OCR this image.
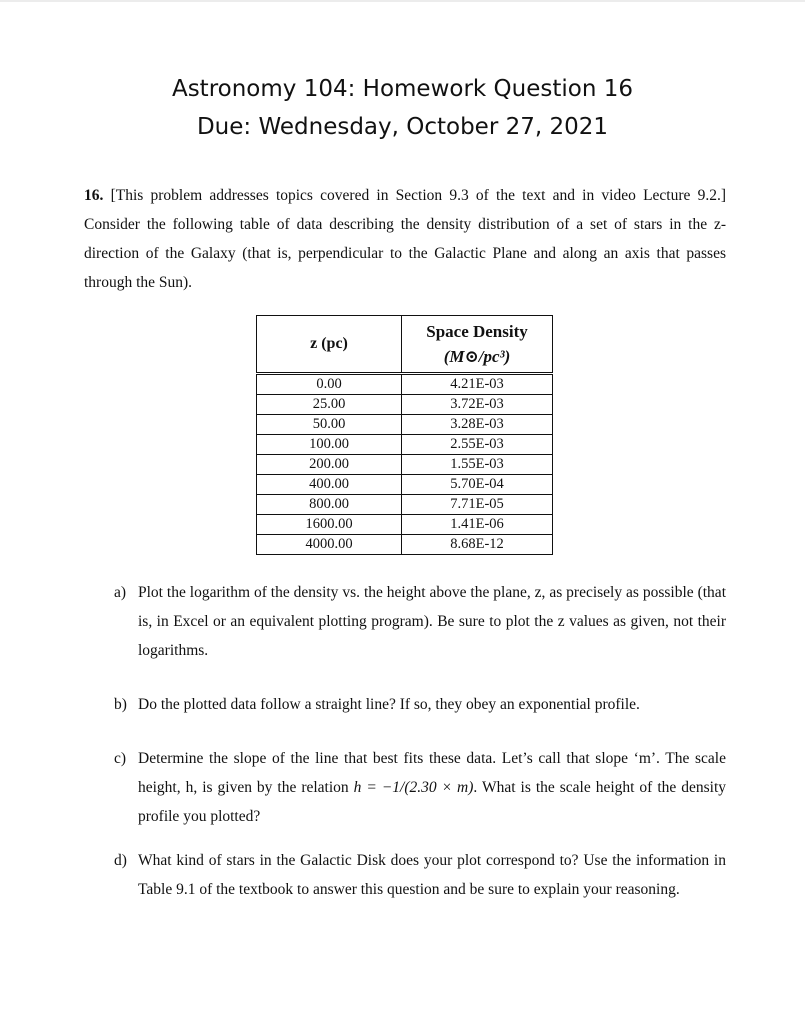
Astronomy 104: Homework Question 16
Due: Wednesday, October 27, 2021
16. [This problem addresses topics covered in Section 9.3 of the text and in video Lecture 9.2.] Consider the following table of data describing the density distribution of a set of stars in the z-direction of the Galaxy (that is, perpendicular to the Galactic Plane and along an axis that passes through the Sun).
z (pc)	Space Density
(M⊙/pc³)

0.00	4.21E-03
25.00	3.72E-03
50.00	3.28E-03
100.00	2.55E-03
200.00	1.55E-03
400.00	5.70E-04
800.00	7.71E-05
1600.00	1.41E-06
4000.00	8.68E-12
a) Plot the logarithm of the density vs. the height above the plane, z, as precisely as possible (that is, in Excel or an equivalent plotting program). Be sure to plot the z values as given, not their logarithms.
b) Do the plotted data follow a straight line? If so, they obey an exponential profile.
c) Determine the slope of the line that best fits these data. Let’s call that slope ‘m’. The scale height, h, is given by the relation h = −1/(2.30 × m). What is the scale height of the density profile you plotted?
d) What kind of stars in the Galactic Disk does your plot correspond to? Use the information in Table 9.1 of the textbook to answer this question and be sure to explain your reasoning.
